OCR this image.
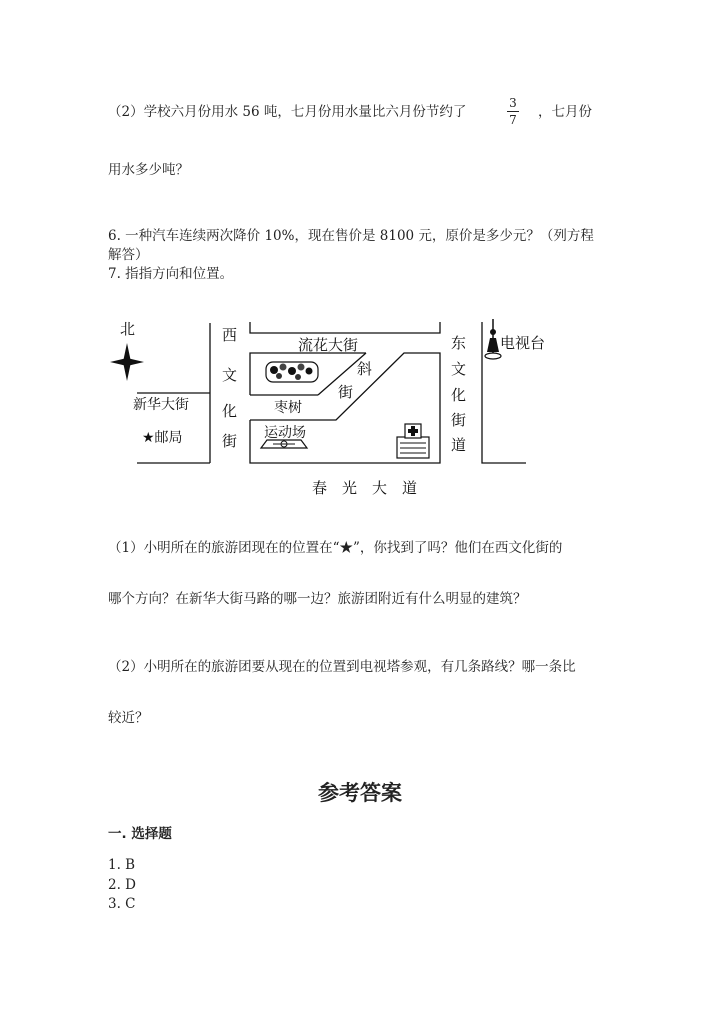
（2）学校六月份用水 56 吨，七月份用水量比六月份节约了
3
7	，七月份
用水多少吨？
6. 一种汽车连续两次降价 10%，现在售价是 8100 元，原价是多少元？（列方程
解答）
7. 指指方向和位置。
北
新华大街
★邮局
西
文
化
街
流花大街
斜
街
枣树
运动场
东
文
化
街
道
电视台
春　光　大　道
（1）小明所在的旅游团现在的位置在“★”，你找到了吗？他们在西文化街的
哪个方向？在新华大街马路的哪一边？旅游团附近有什么明显的建筑？
（2）小明所在的旅游团要从现在的位置到电视塔参观，有几条路线？哪一条比
较近？
参考答案
一. 选择题
1. B
2. D
3. C
